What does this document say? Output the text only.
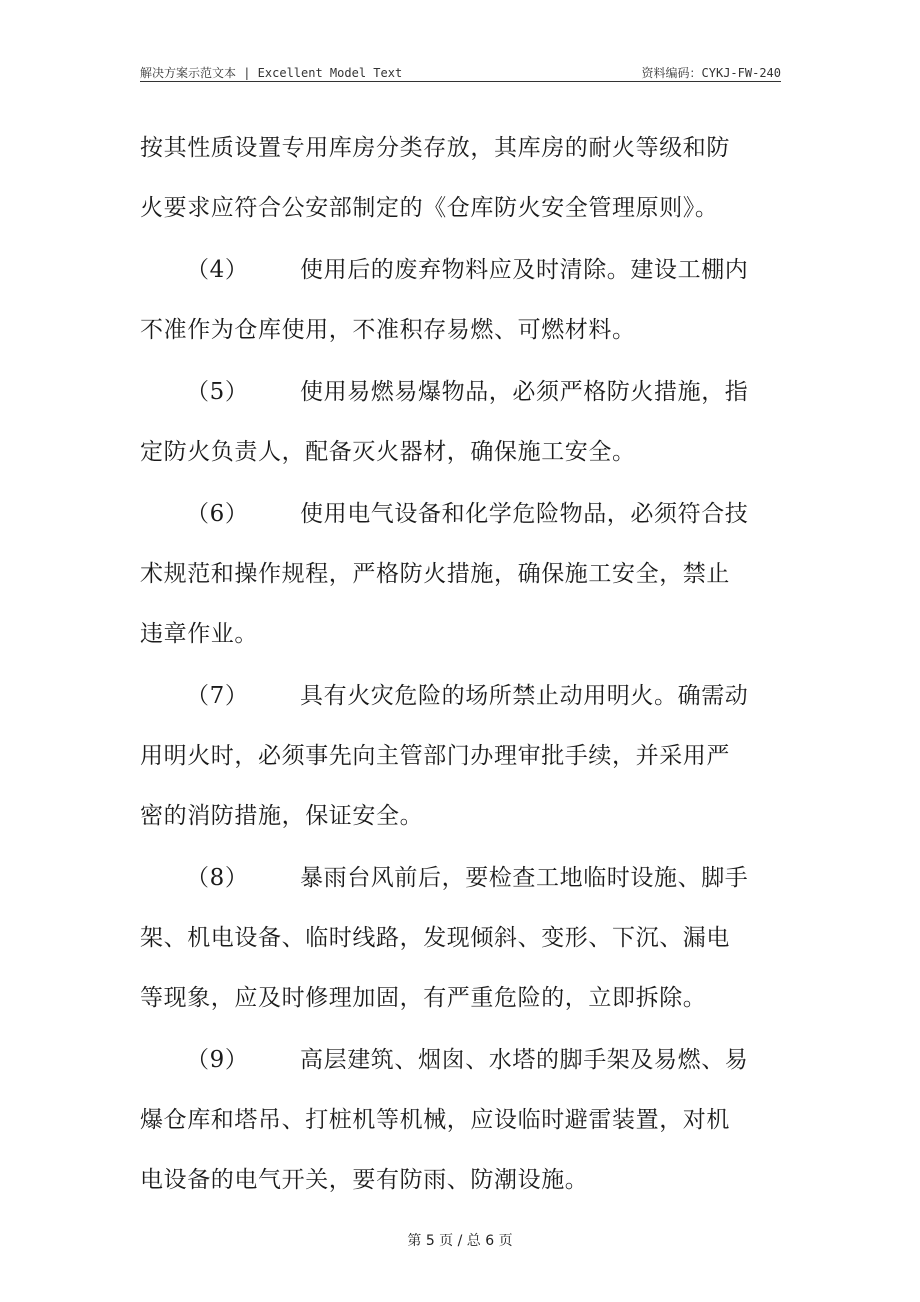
解决方案示范文本 | Excellent Model Text	资料编码：CYKJ-FW-240
按其性质设置专用库房分类存放，其库房的耐火等级和防
火要求应符合公安部制定的《仓库防火安全管理原则》。
（4） 使用后的废弃物料应及时清除。建设工棚内
不准作为仓库使用，不准积存易燃、可燃材料。
（5） 使用易燃易爆物品，必须严格防火措施，指
定防火负责人，配备灭火器材，确保施工安全。
（6） 使用电气设备和化学危险物品，必须符合技
术规范和操作规程，严格防火措施，确保施工安全，禁止
违章作业。
（7） 具有火灾危险的场所禁止动用明火。确需动
用明火时，必须事先向主管部门办理审批手续，并采用严
密的消防措施，保证安全。
（8） 暴雨台风前后，要检查工地临时设施、脚手
架、机电设备、临时线路，发现倾斜、变形、下沉、漏电
等现象，应及时修理加固，有严重危险的，立即拆除。
（9） 高层建筑、烟囱、水塔的脚手架及易燃、易
爆仓库和塔吊、打桩机等机械，应设临时避雷装置，对机
电设备的电气开关，要有防雨、防潮设施。
第 5 页 / 总 6 页
